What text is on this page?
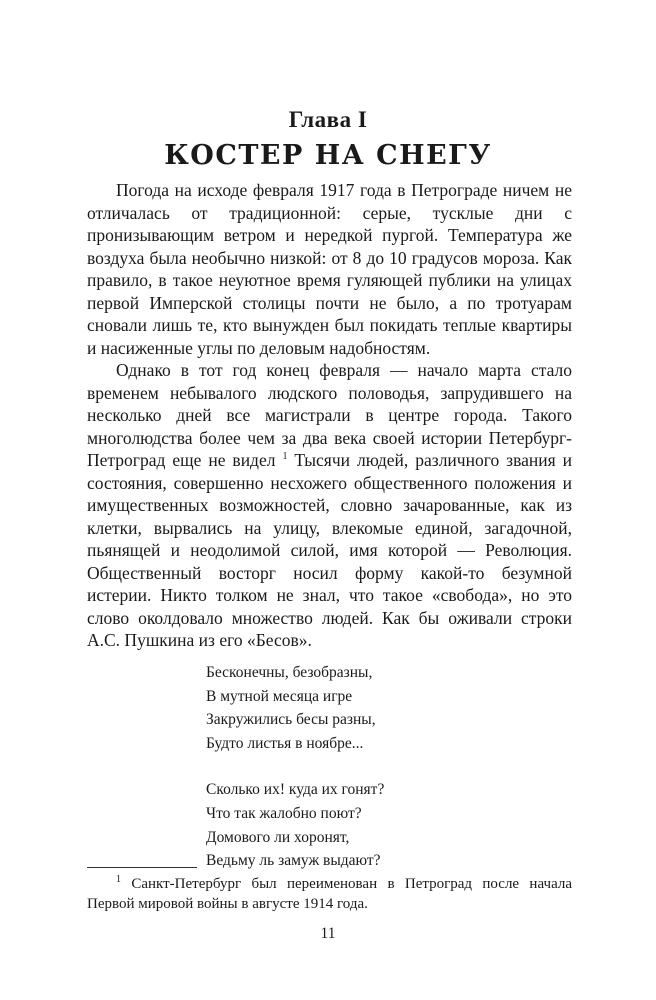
Глава I
КОСТЕР НА СНЕГУ

Погода на исходе февраля 1917 года в Петрограде ничем не отличалась от традиционной: серые, тусклые дни с пронизывающим ветром и нередкой пургой. Температура же воздуха была необычно низкой: от 8 до 10 градусов мороза. Как правило, в такое неуютное время гуляющей публики на улицах первой Имперской столицы почти не было, а по тротуарам сновали лишь те, кто вынужден был покидать теплые квартиры и насиженные углы по деловым надобностям.

Однако в тот год конец февраля — начало марта стало временем небывалого людского половодья, запрудившего на несколько дней все магистрали в центре города. Такого многолюдства более чем за два века своей истории Петербург-Петроград еще не видел $^1$ Тысячи людей, различного звания и состояния, совершенно несхожего общественного положения и имущественных возможностей, словно зачарованные, как из клетки, вырвались на улицу, влекомые единой, загадочной, пьянящей и неодолимой силой, имя которой — Революция. Общественный восторг носил форму какой-то безумной истерии. Никто толком не знал, что такое «свобода», но это слово околдовало множество людей. Как бы оживали строки А.С. Пушкина из его «Бесов».

Бесконечны, безобразны,
В мутной месяца игре
Закружились бесы разны,
Будто листья в ноябре...
Сколько их! куда их гонят?
Что так жалобно поют?
Домового ли хоронят,
Ведьму ль замуж выдают?
$^1$ Санкт-Петербург был переименован в Петроград после начала Первой мировой войны в августе 1914 года.
11
